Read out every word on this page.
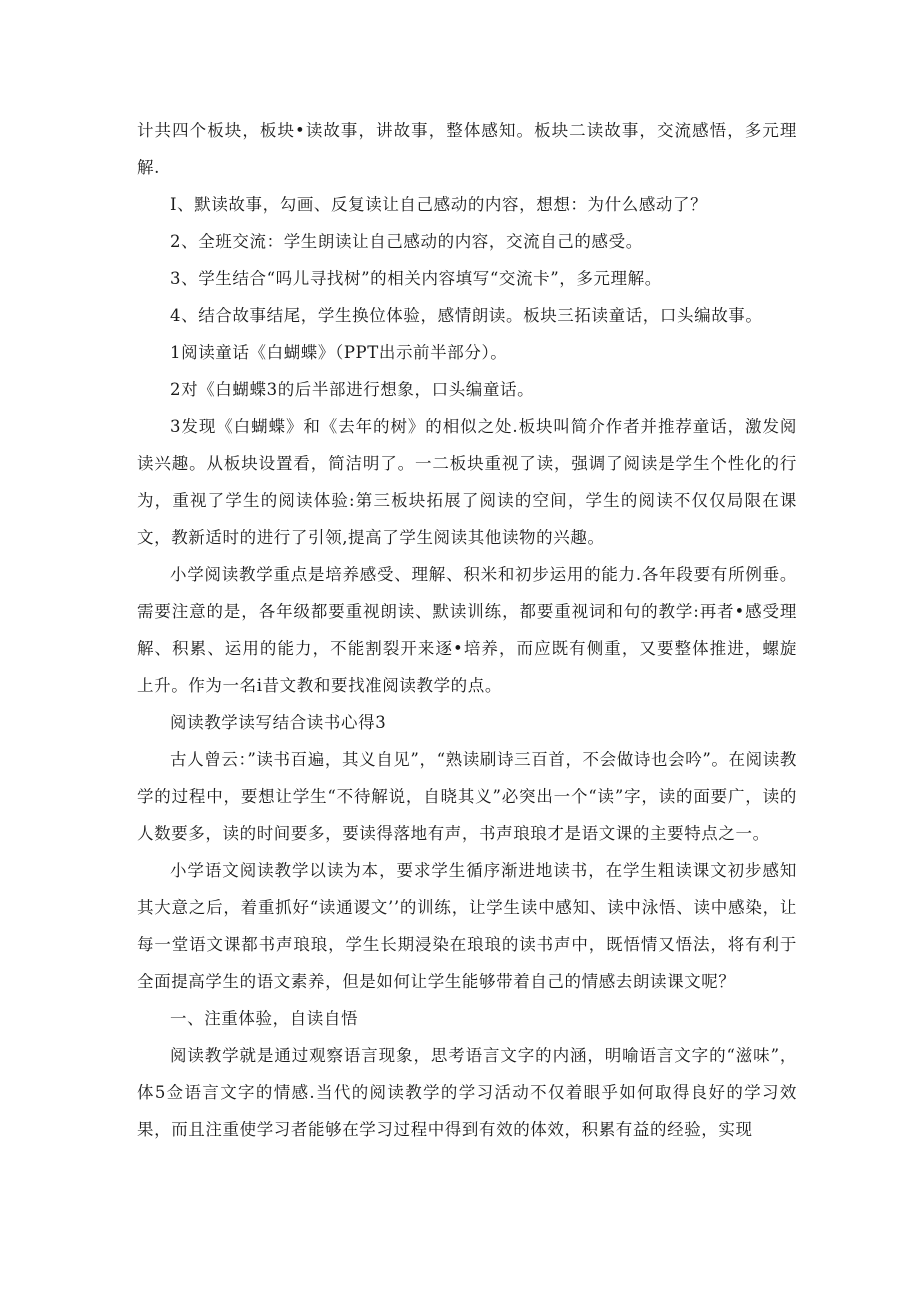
计共四个板块，板块•读故事，讲故事，整体感知。板块二读故事，交流感悟，多元理解.

I、默读故事，勾画、反复读让自己感动的内容，想想：为什么感动了？

2、全班交流：学生朗读让自己感动的内容，交流自己的感受。

3、学生结合“吗儿寻找树”的相关内容填写“交流卡”，多元理解。

4、结合故事结尾，学生换位体验，感情朗读。板块三拓读童话，口头编故事。

1阅读童话《白蝴蝶》（PPT出示前半部分）。

2对《白蝴蝶3的后半部进行想象，口头编童话。

3发现《白蝴蝶》和《去年的树》的相似之处.板块叫简介作者并推荐童话，激发阅读兴趣。从板块设置看，简洁明了。一二板块重视了读，强调了阅读是学生个性化的行为，重视了学生的阅读体验:第三板块拓展了阅读的空间，学生的阅读不仅仅局限在课文，教新适时的进行了引领,提高了学生阅读其他读物的兴趣。

小学阅读教学重点是培养感受、理解、积米和初步运用的能力.各年段要有所例垂。需要注意的是，各年级都要重视朗读、默读训练，都要重视词和句的教学:再者•感受理解、积累、运用的能力，不能割裂开来逐•培养，而应既有侧重，又要整体推进，螺旋上升。作为一名i昔文教和要找准阅读教学的点。

阅读教学读写结合读书心得3

古人曾云：”读书百遍，其义自见”，“熟读刷诗三百首，不会做诗也会吟”。在阅读教学的过程中，要想让学生“不待解说，自晓其义”必突出一个“读”字，读的面要广，读的人数要多，读的时间要多，要读得落地有声，书声琅琅才是语文课的主要特点之一。

小学语文阅读教学以读为本，要求学生循序渐进地读书，在学生粗读课文初步感知其大意之后，着重抓好“读通谡文’’的训练，让学生读中感知、读中泳悟、读中感染，让每一堂语文课都书声琅琅，学生长期浸染在琅琅的读书声中，既悟情又悟法，将有利于全面提高学生的语文素养，但是如何让学生能够带着自己的情感去朗读课文呢？

一、注重体验，自读自悟

阅读教学就是通过观察语言现象，思考语言文字的内涵，明喻语言文字的“滋味”，体5佥语言文字的情感.当代的阅读教学的学习活动不仅着眼乎如何取得良好的学习效果，而且注重使学习者能够在学习过程中得到有效的体效，积累有益的经验，实现
